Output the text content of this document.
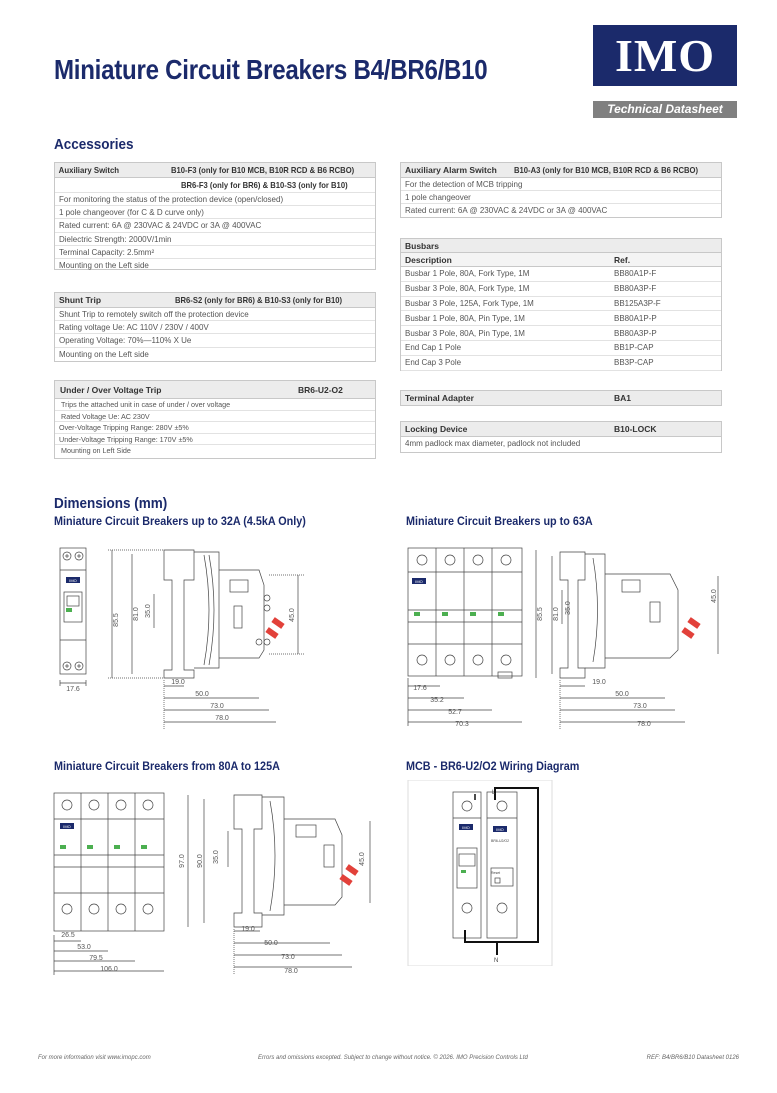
Miniature Circuit Breakers B4/BR6/B10	IMO
Technical Datasheet
Accessories
Auxiliary Switch	B10-F3 (only for B10 MCB, B10R RCD & B6 RCBO)
BR6-F3 (only for BR6) & B10-S3 (only for B10)
For monitoring the status of the protection device (open/closed)
1 pole changeover (for C & D curve only)
Rated current: 6A @ 230VAC & 24VDC or 3A @ 400VAC
Dielectric Strength: 2000V/1min
Terminal Capacity: 2.5mm²
Mounting on the Left side
Shunt Trip	BR6-S2 (only for BR6) & B10-S3 (only for B10)
Shunt Trip to remotely switch off the protection device
Rating voltage Ue: AC 110V / 230V / 400V
Operating Voltage: 70%—110% X Ue
Mounting on the Left side
Under / Over Voltage Trip	BR6-U2-O2
Trips the attached unit in case of under / over voltage
Rated Voltage Ue: AC 230V
Over-Voltage Tripping Range: 280V ±5%
Under-Voltage Tripping Range: 170V ±5%
Mounting on Left Side
Auxiliary Alarm Switch	B10-A3 (only for B10 MCB, B10R RCD & B6 RCBO)
For the detection of MCB tripping
1 pole changeover
Rated current: 6A @ 230VAC & 24VDC or 3A @ 400VAC
Busbars
Description	Ref.
Busbar 1 Pole, 80A, Fork Type, 1M	BB80A1P-F
Busbar 3 Pole, 80A, Fork Type, 1M	BB80A3P-F
Busbar 3 Pole, 125A, Fork Type, 1M	BB125A3P-F
Busbar 1 Pole, 80A, Pin Type, 1M	BB80A1P-P
Busbar 3 Pole, 80A, Pin Type, 1M	BB80A3P-P
End Cap 1 Pole	BB1P-CAP
End Cap 3 Pole	BB3P-CAP
Terminal Adapter	BA1
Locking Device	B10-LOCK
4mm padlock max diameter, padlock not included
Dimensions (mm)
Miniature Circuit Breakers up to 32A (4.5kA Only)	Miniature Circuit Breakers up to 63A
Miniature Circuit Breakers from 80A to 125A	MCB - BR6-U2/O2 Wiring Diagram
IMO
17.6
85.5 81.0 35.0	45.0
19.0
50.0
73.0
78.0
IMO
17.6
35.2
52.7
70.3
85.5 81.0 35.0
45.0
19.0
50.0
73.0
78.0
IMO
26.5
53.0
79.5
106.0
97.0 90.0 35.0	45.0
19.0
50.0
73.0
78.0
L
N
IMO	IMO
BR6-U2/O2
Reset
For more information visit www.imopc.com	Errors and omissions excepted. Subject to change without notice. © 2026. IMO Precision Controls Ltd	REF: B4/BR6/B10 Datasheet 0126
